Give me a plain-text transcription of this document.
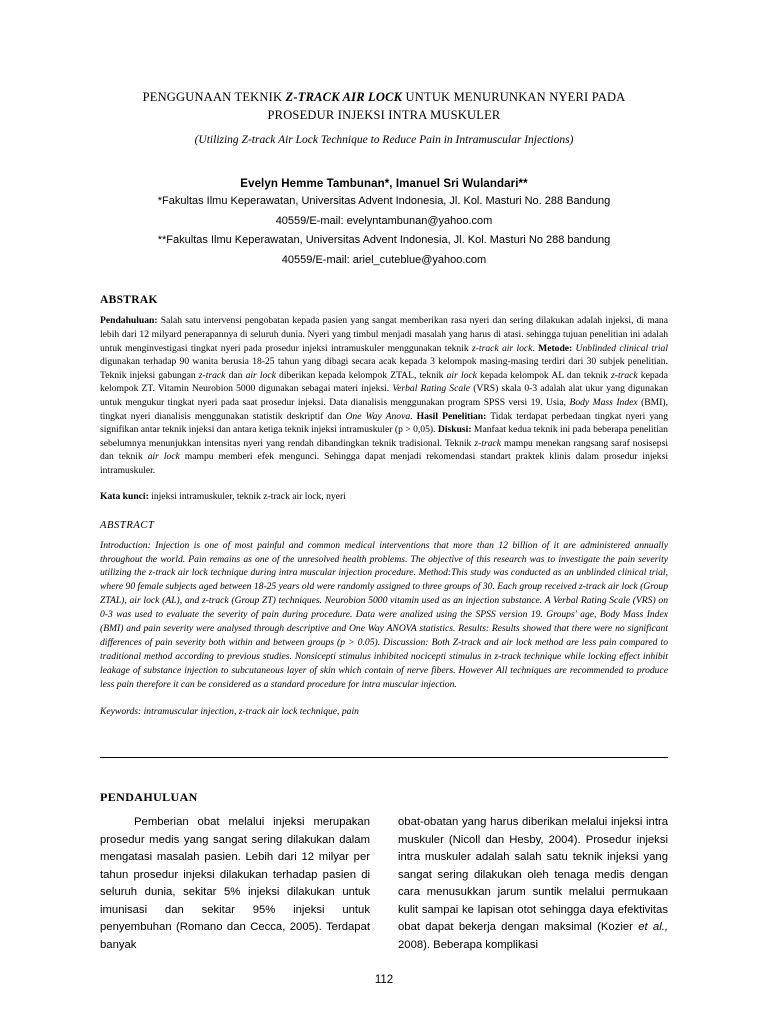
PENGGUNAAN TEKNIK Z-TRACK AIR LOCK UNTUK MENURUNKAN NYERI PADA
PROSEDUR INJEKSI INTRA MUSKULER
(Utilizing Z-track Air Lock Technique to Reduce Pain in Intramuscular Injections)
Evelyn Hemme Tambunan*, Imanuel Sri Wulandari**
*Fakultas Ilmu Keperawatan, Universitas Advent Indonesia, Jl. Kol. Masturi No. 288 Bandung
40559/E-mail: evelyntambunan@yahoo.com
**Fakultas Ilmu Keperawatan, Universitas Advent Indonesia, Jl. Kol. Masturi No 288 bandung
40559/E-mail: ariel_cuteblue@yahoo.com
ABSTRAK
Pendahuluan: Salah satu intervensi pengobatan kepada pasien yang sangat memberikan rasa nyeri dan sering dilakukan adalah injeksi, di mana lebih dari 12 milyard penerapannya di seluruh dunia. Nyeri yang timbul menjadi masalah yang harus di atasi. sehingga tujuan penelitian ini adalah untuk menginvestigasi tingkat nyeri pada prosedur injeksi intramuskuler menggunakan teknik z-track air lock. Metode: Unblinded clinical trial digunakan terhadap 90 wanita berusia 18-25 tahun yang dibagi secara acak kepada 3 kelompok masing-masing terdiri dari 30 subjek penelitian. Teknik injeksi gabungan z-track dan air lock diberikan kepada kelompok ZTAL, teknik air lock kepada kelompok AL dan teknik z-track kepada kelompok ZT. Vitamin Neurobion 5000 digunakan sebagai materi injeksi. Verbal Rating Scale (VRS) skala 0-3 adalah alat ukur yang digunakan untuk mengukur tingkat nyeri pada saat prosedur injeksi. Data dianalisis menggunakan program SPSS versi 19. Usia, Body Mass Index (BMI), tingkat nyeri dianalisis menggunakan statistik deskriptif dan One Way Anova. Hasil Penelitian: Tidak terdapat perbedaan tingkat nyeri yang signifikan antar teknik injeksi dan antara ketiga teknik injeksi intramuskuler (p > 0,05). Diskusi: Manfaat kedua teknik ini pada beberapa penelitian sebelumnya menunjukkan intensitas nyeri yang rendah dibandingkan teknik tradisional. Teknik z-track mampu menekan rangsang saraf nosisepsi dan teknik air lock mampu memberi efek mengunci. Sehingga dapat menjadi rekomendasi standart praktek klinis dalam prosedur injeksi intramuskuler.
Kata kunci: injeksi intramuskuler, teknik z-track air lock, nyeri
ABSTRACT
Introduction: Injection is one of most painful and common medical interventions that more than 12 billion of it are administered annually throughout the world. Pain remains as one of the unresolved health problems. The objective of this research was to investigate the pain severity utilizing the z-track air lock technique during intra muscular injection procedure. Method:This study was conducted as an unblinded clinical trial, where 90 female subjects aged between 18-25 years old were randomly assigned to three groups of 30. Each group received z-track air lock (Group ZTAL), air lock (AL), and z-track (Group ZT) techniques. Neurobion 5000 vitamin used as an injection substance. A Verbal Rating Scale (VRS) on 0-3 was used to evaluate the severity of pain during procedure. Data were analized using the SPSS version 19. Groups' age, Body Mass Index (BMI) and pain severity were analysed through descriptive and One Way ANOVA statistics. Results: Results showed that there were no significant differences of pain severity both within and between groups (p > 0.05). Discussion: Both Z-track and air lock method are less pain compared to traditional method according to previous studies. Nonsicepti stimulus inhibited nocicepti stimulus in z-track technique while locking effect inhibit leakage of substance injection to subcutaneous layer of skin which contain of nerve fibers. However All techniques are recommended to produce less pain therefore it can be considered as a standard procedure for intra muscular injection.
Keywords: intramuscular injection, z-track air lock technique, pain
PENDAHULUAN

Pemberian obat melalui injeksi merupakan prosedur medis yang sangat sering dilakukan dalam mengatasi masalah pasien. Lebih dari 12 milyar per tahun prosedur injeksi dilakukan terhadap pasien di seluruh dunia, sekitar 5% injeksi dilakukan untuk imunisasi dan sekitar 95% injeksi untuk penyembuhan (Romano dan Cecca, 2005). Terdapat banyak

obat-obatan yang harus diberikan melalui injeksi intra muskuler (Nicoll dan Hesby, 2004). Prosedur injeksi intra muskuler adalah salah satu teknik injeksi yang sangat sering dilakukan oleh tenaga medis dengan cara menusukkan jarum suntik melalui permukaan kulit sampai ke lapisan otot sehingga daya efektivitas obat dapat bekerja dengan maksimal (Kozier et al., 2008). Beberapa komplikasi

112
